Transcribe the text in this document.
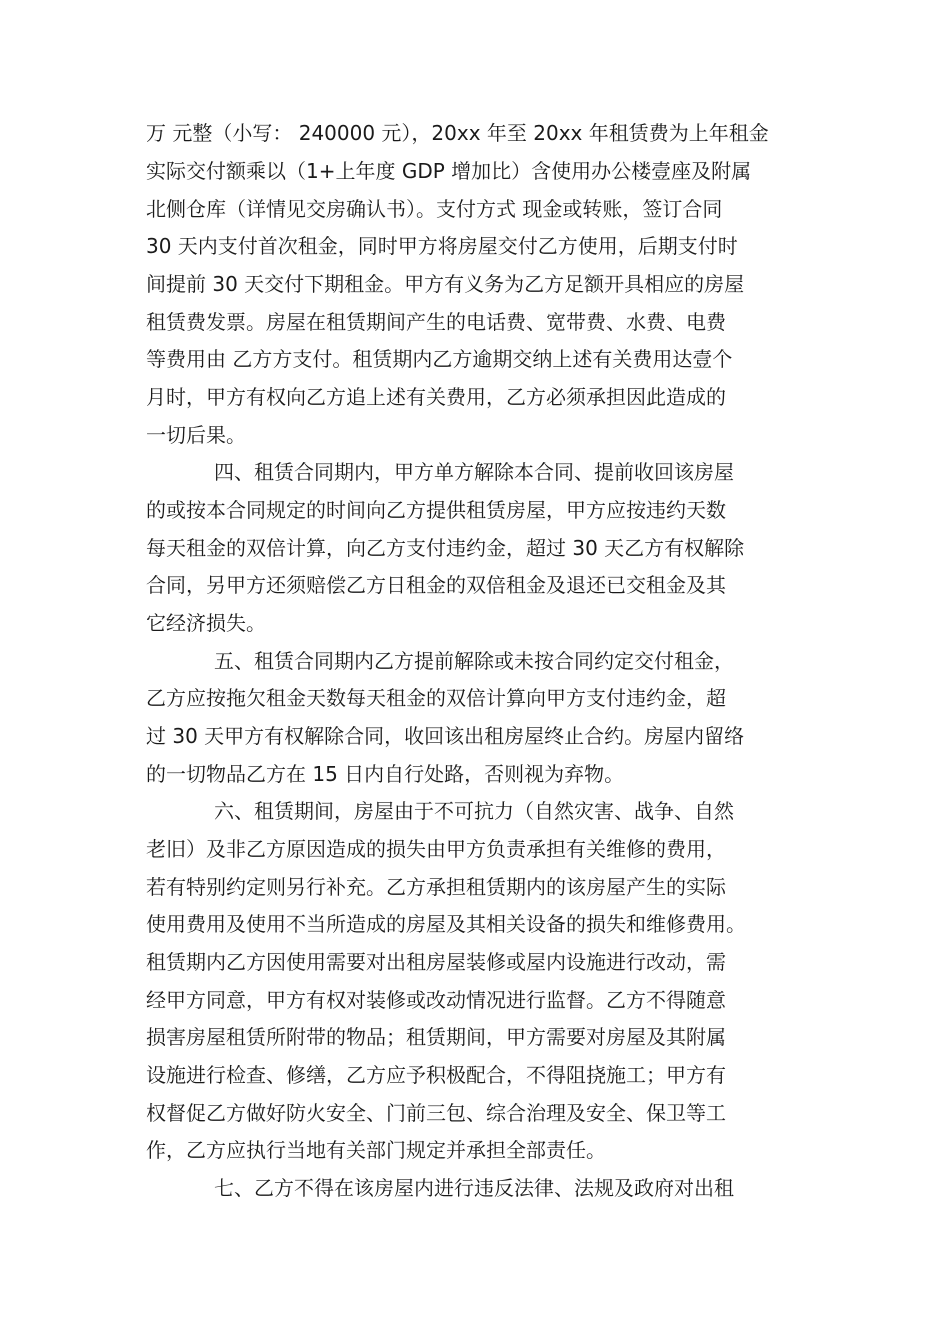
万 元整（小写： 240000 元），20xx 年至 20xx 年租赁费为上年租金
实际交付额乘以（1+上年度 GDP 增加比）含使用办公楼壹座及附属
北侧仓库（详情见交房确认书）。支付方式 现金或转账，签订合同
30 天内支付首次租金，同时甲方将房屋交付乙方使用，后期支付时
间提前 30 天交付下期租金。甲方有义务为乙方足额开具相应的房屋
租赁费发票。房屋在租赁期间产生的电话费、宽带费、水费、电费
等费用由 乙方方支付。租赁期内乙方逾期交纳上述有关费用达壹个
月时，甲方有权向乙方追上述有关费用，乙方必须承担因此造成的
一切后果。
四、租赁合同期内，甲方单方解除本合同、提前收回该房屋
的或按本合同规定的时间向乙方提供租赁房屋，甲方应按违约天数
每天租金的双倍计算，向乙方支付违约金，超过 30 天乙方有权解除
合同，另甲方还须赔偿乙方日租金的双倍租金及退还已交租金及其
它经济损失。
五、租赁合同期内乙方提前解除或未按合同约定交付租金，
乙方应按拖欠租金天数每天租金的双倍计算向甲方支付违约金，超
过 30 天甲方有权解除合同，收回该出租房屋终止合约。房屋内留络
的一切物品乙方在 15 日内自行处路，否则视为弃物。
六、租赁期间，房屋由于不可抗力（自然灾害、战争、自然
老旧）及非乙方原因造成的损失由甲方负责承担有关维修的费用，
若有特别约定则另行补充。乙方承担租赁期内的该房屋产生的实际
使用费用及使用不当所造成的房屋及其相关设备的损失和维修费用。
租赁期内乙方因使用需要对出租房屋装修或屋内设施进行改动，需
经甲方同意，甲方有权对装修或改动情况进行监督。乙方不得随意
损害房屋租赁所附带的物品；租赁期间，甲方需要对房屋及其附属
设施进行检查、修缮，乙方应予积极配合，不得阻挠施工；甲方有
权督促乙方做好防火安全、门前三包、综合治理及安全、保卫等工
作，乙方应执行当地有关部门规定并承担全部责任。
七、乙方不得在该房屋内进行违反法律、法规及政府对出租
